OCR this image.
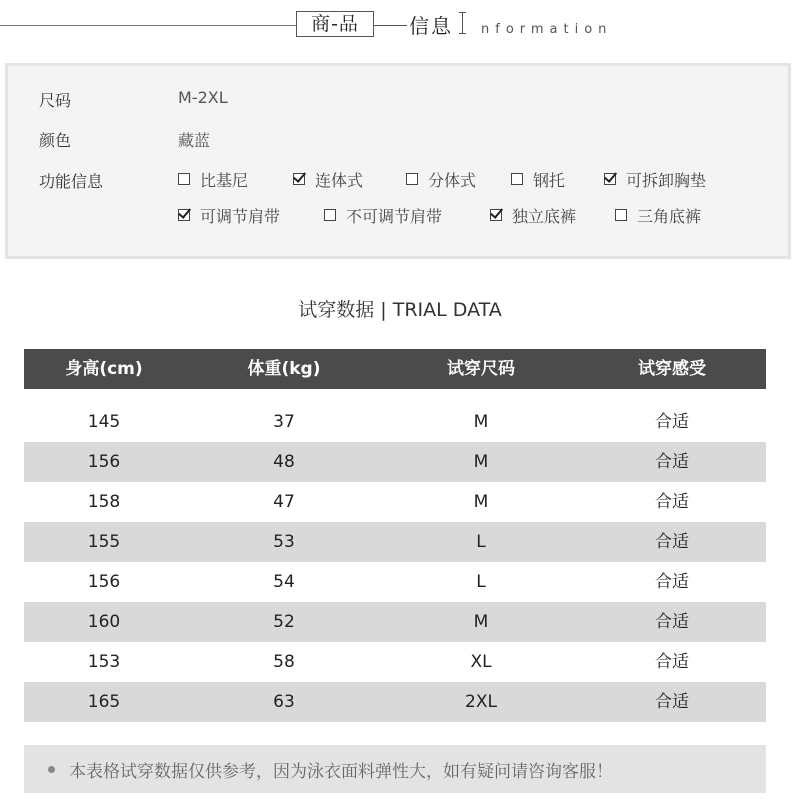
商-品	信息 nformation
尺码	M-2XL
颜色	藏蓝
功能信息	比基尼	连体式	分体式	钢托	可拆卸胸垫
可调节肩带	不可调节肩带	独立底裤	三角底裤
试穿数据 | TRIAL DATA
身高(cm)	体重(kg)	试穿尺码	试穿感受
145	37	M	合适
156	48	M	合适
158	47	M	合适
155	53	L	合适
156	54	L	合适
160	52	M	合适
153	58	XL	合适
165	63	2XL	合适
本表格试穿数据仅供参考，因为泳衣面料弹性大，如有疑问请咨询客服！
